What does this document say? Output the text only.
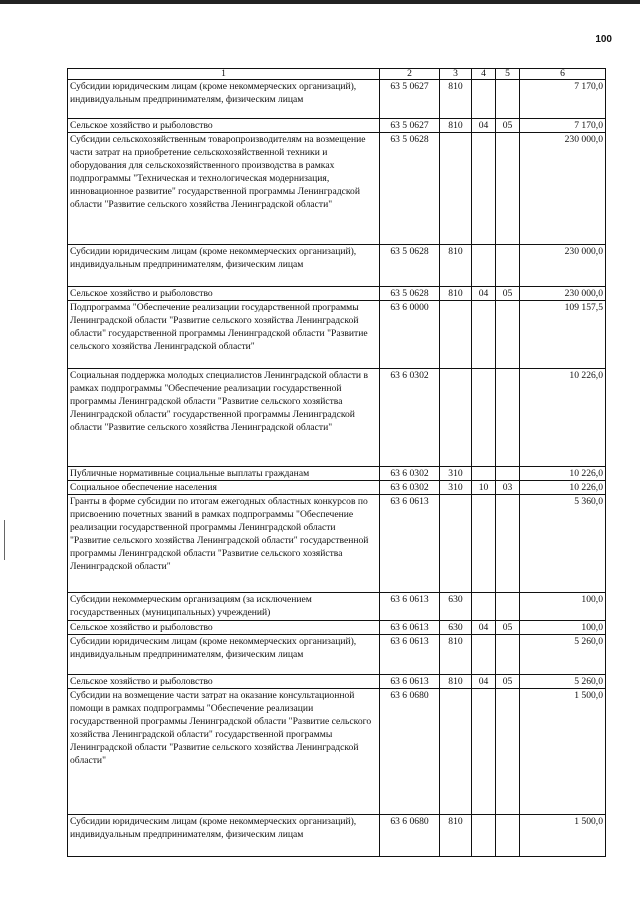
100
1	2	3	4	5	6
Субсидии юридическим лицам (кроме некоммерческих организаций), индивидуальным предпринимателям, физическим лицам	63 5 0627	810			7 170,0
Сельское хозяйство и рыболовство	63 5 0627	810	04	05	7 170,0
Субсидии сельскохозяйственным товаропроизводителям на возмещение части затрат на приобретение сельскохозяйственной техники и оборудования для сельскохозяйственного производства в рамках подпрограммы "Техническая и технологическая модернизация, инновационное развитие" государственной программы Ленинградской области "Развитие сельского хозяйства Ленинградской области"	63 5 0628				230 000,0
Субсидии юридическим лицам (кроме некоммерческих организаций), индивидуальным предпринимателям, физическим лицам	63 5 0628	810			230 000,0
Сельское хозяйство и рыболовство	63 5 0628	810	04	05	230 000,0
Подпрограмма "Обеспечение реализации государственной программы Ленинградской области "Развитие сельского хозяйства Ленинградской области" государственной программы Ленинградской области "Развитие сельского хозяйства Ленинградской области"	63 6 0000				109 157,5
Социальная поддержка молодых специалистов Ленинградской области в рамках подпрограммы "Обеспечение реализации государственной программы Ленинградской области "Развитие сельского хозяйства Ленинградской области" государственной программы Ленинградской области "Развитие сельского хозяйства Ленинградской области"	63 6 0302				10 226,0
Публичные нормативные социальные выплаты гражданам	63 6 0302	310			10 226,0
Социальное обеспечение населения	63 6 0302	310	10	03	10 226,0
Гранты в форме субсидии по итогам ежегодных областных конкурсов по присвоению почетных званий в рамках подпрограммы "Обеспечение реализации государственной программы Ленинградской области "Развитие сельского хозяйства Ленинградской области" государственной программы Ленинградской области "Развитие сельского хозяйства Ленинградской области"	63 6 0613				5 360,0
Субсидии некоммерческим организациям (за исключением государственных (муниципальных) учреждений)	63 6 0613	630			100,0
Сельское хозяйство и рыболовство	63 6 0613	630	04	05	100,0
Субсидии юридическим лицам (кроме некоммерческих организаций), индивидуальным предпринимателям, физическим лицам	63 6 0613	810			5 260,0
Сельское хозяйство и рыболовство	63 6 0613	810	04	05	5 260,0
Субсидии на возмещение части затрат на оказание консультационной помощи в рамках подпрограммы "Обеспечение реализации государственной программы Ленинградской области "Развитие сельского хозяйства Ленинградской области" государственной программы Ленинградской области "Развитие сельского хозяйства Ленинградской области"	63 6 0680				1 500,0
Субсидии юридическим лицам (кроме некоммерческих организаций), индивидуальным предпринимателям, физическим лицам	63 6 0680	810			1 500,0
